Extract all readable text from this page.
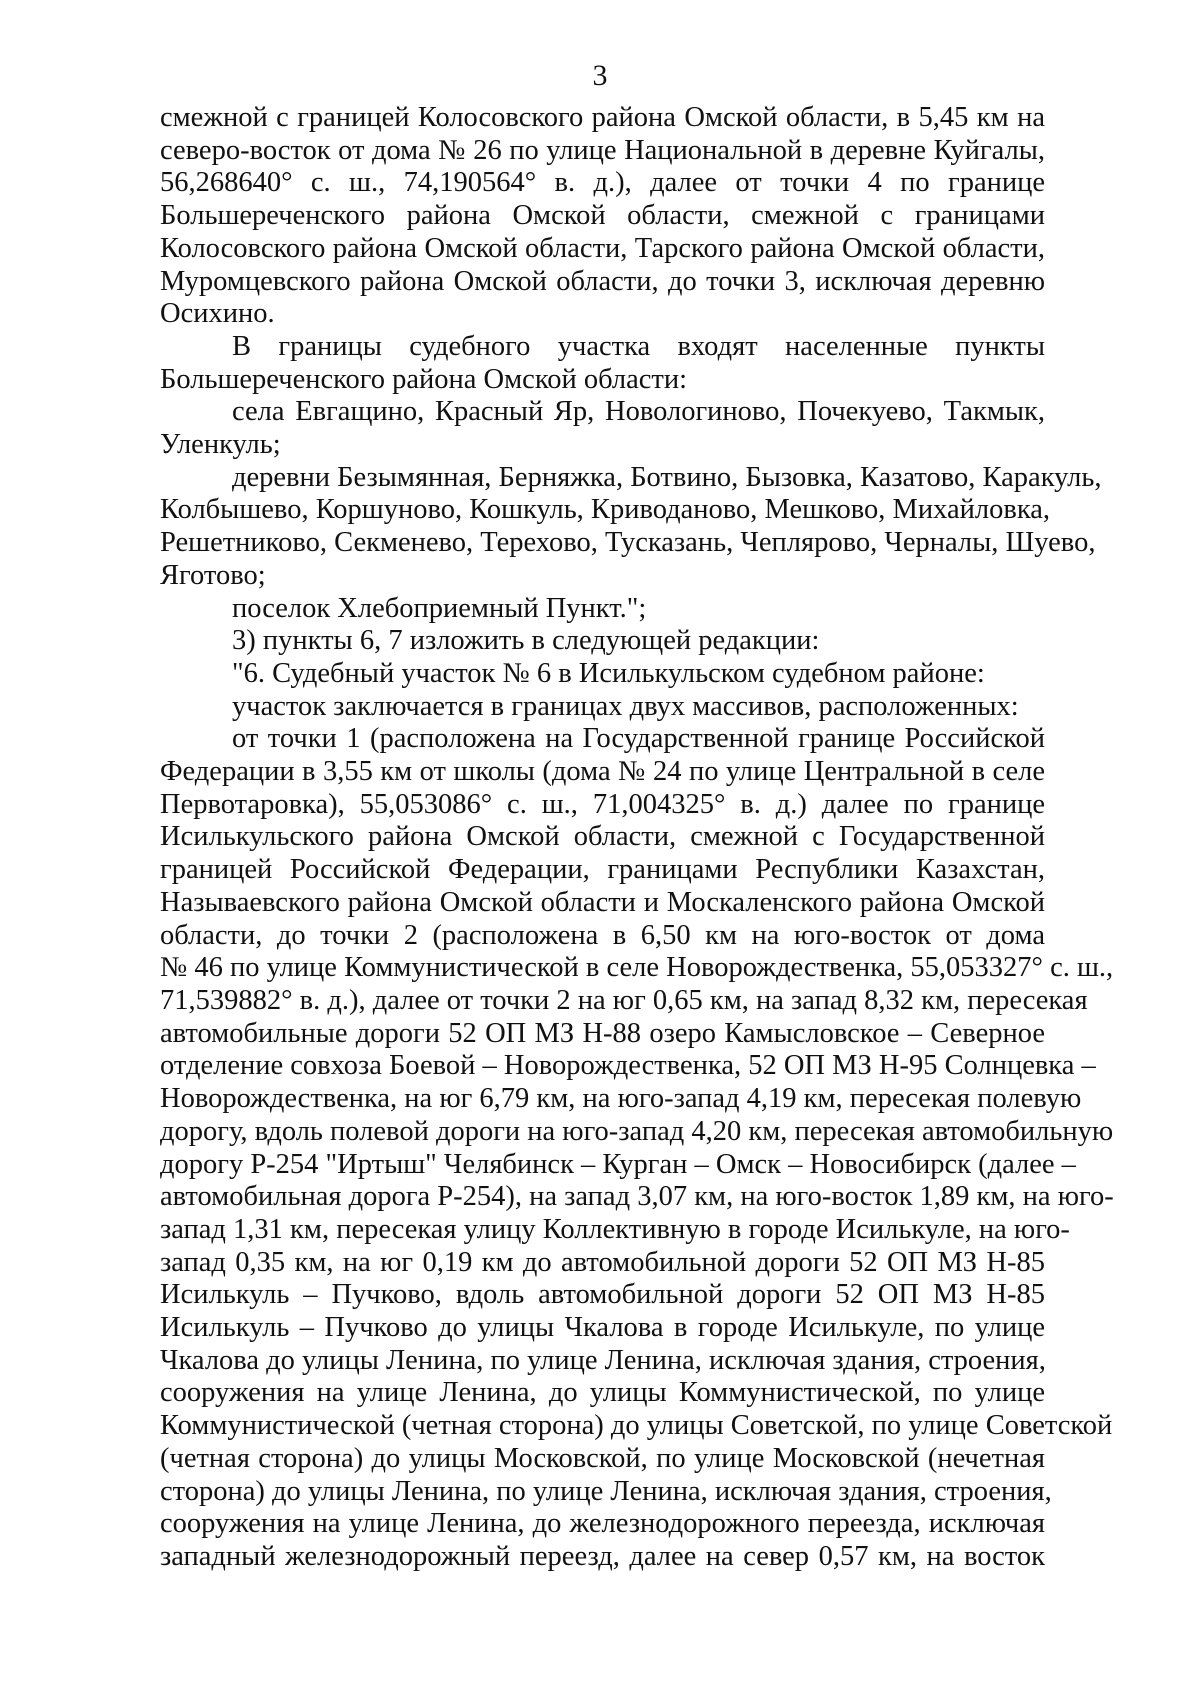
3
смежной с границей Колосовского района Омской области, в 5,45 км на
северо-восток от дома № 26 по улице Национальной в деревне Куйгалы,
56,268640° с. ш., 74,190564° в. д.), далее от точки 4 по границе
Большереченского района Омской области, смежной с границами
Колосовского района Омской области, Тарского района Омской области,
Муромцевского района Омской области, до точки 3, исключая деревню
Осихино.
В границы судебного участка входят населенные пункты
Большереченского района Омской области:
села Евгащино, Красный Яр, Новологиново, Почекуево, Такмык,
Уленкуль;
деревни Безымянная, Берняжка, Ботвино, Бызовка, Казатово, Каракуль,
Колбышево, Коршуново, Кошкуль, Криводаново, Мешково, Михайловка,
Решетниково, Секменево, Терехово, Тусказань, Чеплярово, Черналы, Шуево,
Яготово;
поселок Хлебоприемный Пункт.";
3) пункты 6, 7 изложить в следующей редакции:
"6. Судебный участок № 6 в Исилькульском судебном районе:
участок заключается в границах двух массивов, расположенных:
от точки 1 (расположена на Государственной границе Российской
Федерации в 3,55 км от школы (дома № 24 по улице Центральной в селе
Первотаровка), 55,053086° с. ш., 71,004325° в. д.) далее по границе
Исилькульского района Омской области, смежной с Государственной
границей Российской Федерации, границами Республики Казахстан,
Называевского района Омской области и Москаленского района Омской
области, до точки 2 (расположена в 6,50 км на юго-восток от дома
№ 46 по улице Коммунистической в селе Новорождественка, 55,053327° с. ш.,
71,539882° в. д.), далее от точки 2 на юг 0,65 км, на запад 8,32 км, пересекая
автомобильные дороги 52 ОП МЗ Н-88 озеро Камысловское – Северное
отделение совхоза Боевой – Новорождественка, 52 ОП МЗ Н-95 Солнцевка –
Новорождественка, на юг 6,79 км, на юго-запад 4,19 км, пересекая полевую
дорогу, вдоль полевой дороги на юго-запад 4,20 км, пересекая автомобильную
дорогу Р-254 "Иртыш" Челябинск – Курган – Омск – Новосибирск (далее –
автомобильная дорога Р-254), на запад 3,07 км, на юго-восток 1,89 км, на юго-
запад 1,31 км, пересекая улицу Коллективную в городе Исилькуле, на юго-
запад 0,35 км, на юг 0,19 км до автомобильной дороги 52 ОП МЗ Н-85
Исилькуль – Пучково, вдоль автомобильной дороги 52 ОП МЗ Н-85
Исилькуль – Пучково до улицы Чкалова в городе Исилькуле, по улице
Чкалова до улицы Ленина, по улице Ленина, исключая здания, строения,
сооружения на улице Ленина, до улицы Коммунистической, по улице
Коммунистической (четная сторона) до улицы Советской, по улице Советской
(четная сторона) до улицы Московской, по улице Московской (нечетная
сторона) до улицы Ленина, по улице Ленина, исключая здания, строения,
сооружения на улице Ленина, до железнодорожного переезда, исключая
западный железнодорожный переезд, далее на север 0,57 км, на восток
